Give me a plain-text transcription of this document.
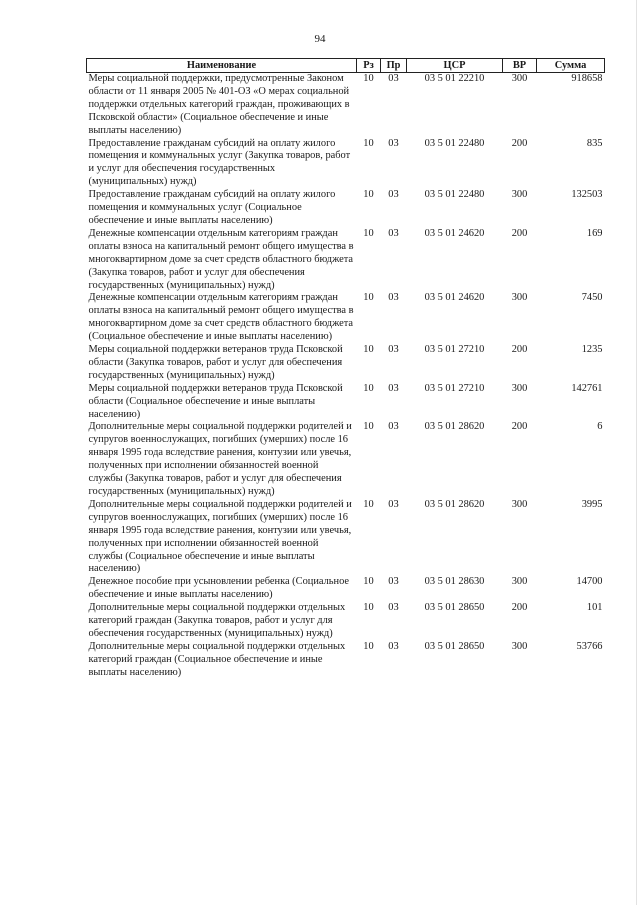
94
Наименование	Рз	Пр	ЦСР	ВР	Сумма
Меры социальной поддержки, предусмотренные Законом области от 11 января 2005 № 401-ОЗ «О мерах социальной поддержки отдельных категорий граждан, проживающих в Псковской области» (Социальное обеспечение и иные выплаты населению)	10	03	03 5 01 22210	300	918658
Предоставление гражданам субсидий на оплату жилого помещения и коммунальных услуг (Закупка товаров, работ и услуг для обеспечения государственных (муниципальных) нужд)	10	03	03 5 01 22480	200	835
Предоставление гражданам субсидий на оплату жилого помещения и коммунальных услуг (Социальное обеспечение и иные выплаты населению)	10	03	03 5 01 22480	300	132503
Денежные компенсации отдельным категориям граждан оплаты взноса на капитальный ремонт общего имущества в многоквартирном доме за счет средств областного бюджета (Закупка товаров, работ и услуг для обеспечения государственных (муниципальных) нужд)	10	03	03 5 01 24620	200	169
Денежные компенсации отдельным категориям граждан оплаты взноса на капитальный ремонт общего имущества в многоквартирном доме за счет средств областного бюджета (Социальное обеспечение и иные выплаты населению)	10	03	03 5 01 24620	300	7450
Меры социальной поддержки ветеранов труда Псковской области (Закупка товаров, работ и услуг для обеспечения государственных (муниципальных) нужд)	10	03	03 5 01 27210	200	1235
Меры социальной поддержки ветеранов труда Псковской области (Социальное обеспечение и иные выплаты населению)	10	03	03 5 01 27210	300	142761
Дополнительные меры социальной поддержки родителей и супругов военнослужащих, погибших (умерших) после 16 января 1995 года вследствие ранения, контузии или увечья, полученных при исполнении обязанностей военной службы (Закупка товаров, работ и услуг для обеспечения государственных (муниципальных) нужд)	10	03	03 5 01 28620	200	6
Дополнительные меры социальной поддержки родителей и супругов военнослужащих, погибших (умерших) после 16 января 1995 года вследствие ранения, контузии или увечья, полученных при исполнении обязанностей военной службы (Социальное обеспечение и иные выплаты населению)	10	03	03 5 01 28620	300	3995
Денежное пособие при усыновлении ребенка (Социальное обеспечение и иные выплаты населению)	10	03	03 5 01 28630	300	14700
Дополнительные меры социальной поддержки отдельных категорий граждан (Закупка товаров, работ и услуг для обеспечения государственных (муниципальных) нужд)	10	03	03 5 01 28650	200	101
Дополнительные меры социальной поддержки отдельных категорий граждан (Социальное обеспечение и иные выплаты населению)	10	03	03 5 01 28650	300	53766
